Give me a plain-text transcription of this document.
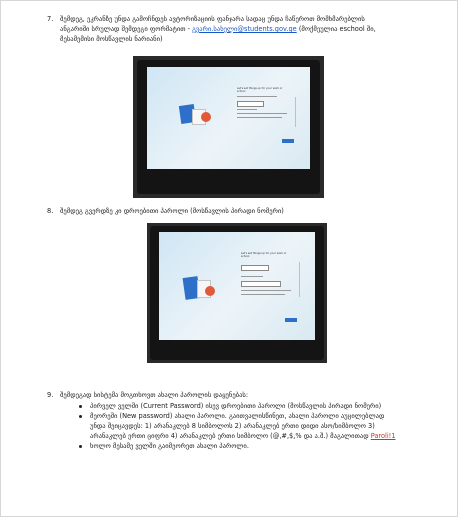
7. შემდეგ, ეკრანზე უნდა გამოჩნდეს ავტორიზაციის ფანჯარა სადაც უნდა ჩაწეროთ მომხმარებლის
ანგარიში სრულად შემდეგი ფორმატით - გვარი.სახელი@students.gov.ge (მოქმეულია eschool ში,
მესამემისი მოსწავლის ნარიანი)
Let's set things up for your work or
school
8. შემდეგ გვერდზე კი დროებითი პაროლი (მოსწავლის პირადი ნომერი)
Let's set things up for your work or
school
9. შემდეგად სისტემა მოგთხოვთ ახალი პაროლის დაყენებას:
პირველ ველში (Current Password) ისევ დროებითი პაროლი (მოსწავლის პირადი ნომერი)
მეორეში (New password) ახალი პაროლი. გაითვალისწინეთ, ახალი პაროლი აუცილებლად
უნდა შეიცავდეს: 1) არანაკლებ 8 სიმბოლოს 2) არანაკლებ ერთი დიდი ასო/სიმბოლო 3)
არანაკლებ ერთი ციფრი 4) არანაკლებ ერთი სიმბოლო (@,#,$,% და ა.შ.) მაგალითად Paroli!1
ხოლო მესამე ველში გაიმეორეთ ახალი პაროლი.
